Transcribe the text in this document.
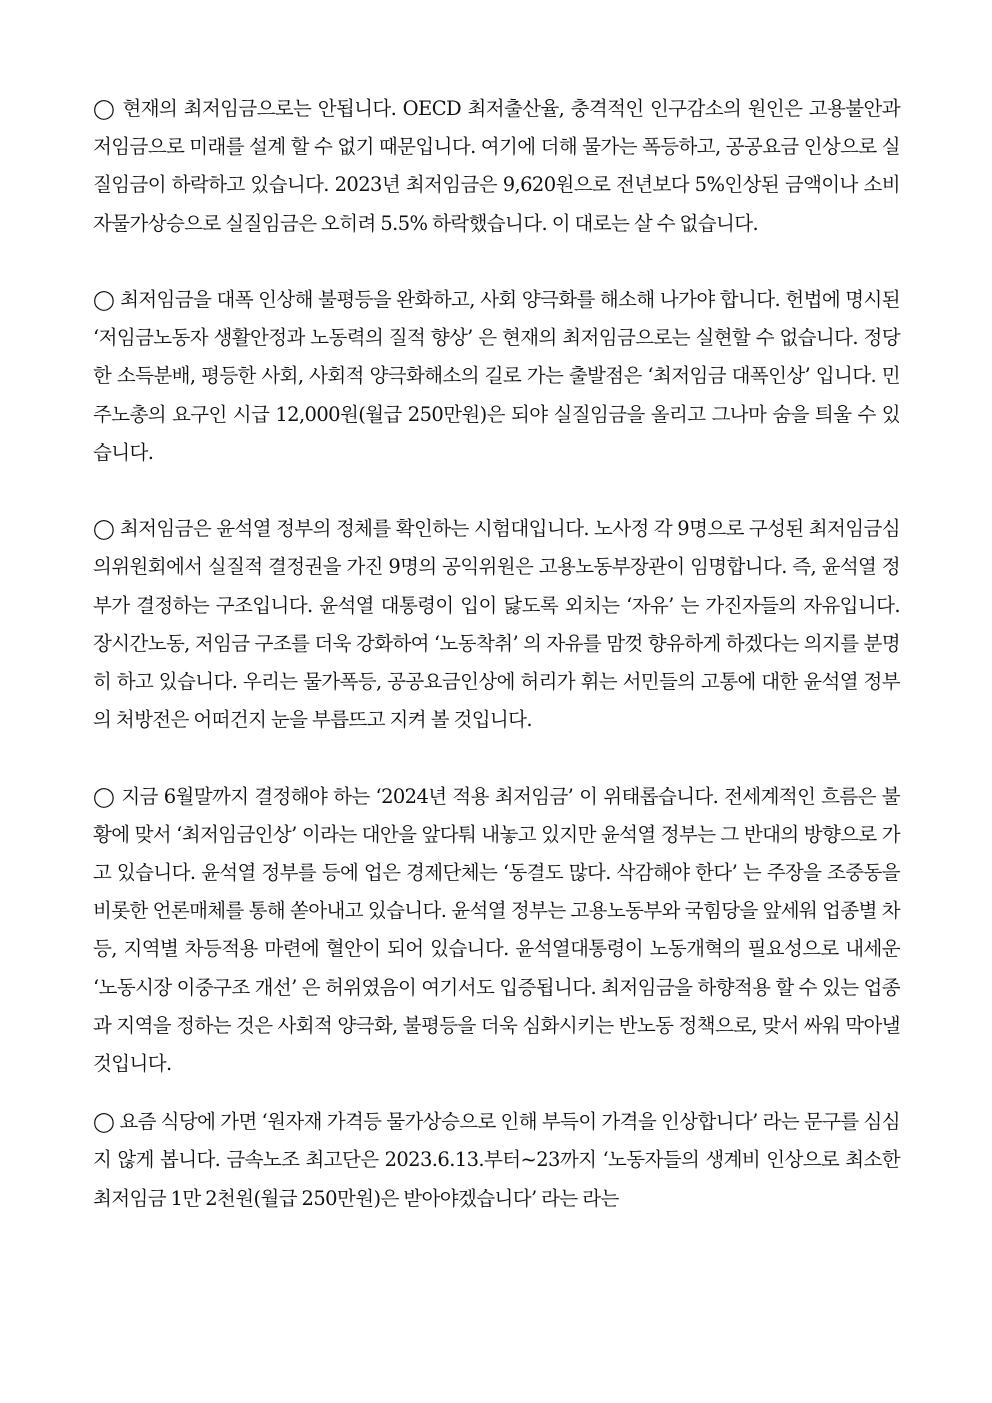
◯ 현재의 최저임금으로는 안됩니다. OECD 최저출산율, 충격적인 인구감소의 원인은 고용불안과 저임금으로 미래를 설계 할 수 없기 때문입니다. 여기에 더해 물가는 폭등하고, 공공요금 인상으로 실질임금이 하락하고 있습니다. 2023년 최저임금은 9,620원으로 전년보다 5%인상된 금액이나 소비자물가상승으로 실질임금은 오히려 5.5% 하락했습니다. 이 대로는 살 수 없습니다.

◯ 최저임금을 대폭 인상해 불평등을 완화하고, 사회 양극화를 해소해 나가야 합니다. 헌법에 명시된 ‘저임금노동자 생활안정과 노동력의 질적 향상’ 은 현재의 최저임금으로는 실현할 수 없습니다. 정당한 소득분배, 평등한 사회, 사회적 양극화해소의 길로 가는 출발점은 ‘최저임금 대폭인상’ 입니다. 민주노총의 요구인 시급 12,000원(월급 250만원)은 되야 실질임금을 올리고 그나마 숨을 틔울 수 있습니다.

◯ 최저임금은 윤석열 정부의 정체를 확인하는 시험대입니다. 노사정 각 9명으로 구성된 최저임금심의위원회에서 실질적 결정권을 가진 9명의 공익위원은 고용노동부장관이 임명합니다. 즉, 윤석열 정부가 결정하는 구조입니다. 윤석열 대통령이 입이 닳도록 외치는 ‘자유’ 는 가진자들의 자유입니다. 장시간노동, 저임금 구조를 더욱 강화하여 ‘노동착취’ 의 자유를 맘껏 향유하게 하겠다는 의지를 분명히 하고 있습니다. 우리는 물가폭등, 공공요금인상에 허리가 휘는 서민들의 고통에 대한 윤석열 정부의 처방전은 어떠건지 눈을 부릅뜨고 지켜 볼 것입니다.

◯ 지금 6월말까지 결정해야 하는 ‘2024년 적용 최저임금’ 이 위태롭습니다. 전세계적인 흐름은 불황에 맞서 ‘최저임금인상’ 이라는 대안을 앞다퉈 내놓고 있지만 윤석열 정부는 그 반대의 방향으로 가고 있습니다. 윤석열 정부를 등에 업은 경제단체는 ‘동결도 많다. 삭감해야 한다’ 는 주장을 조중동을 비롯한 언론매체를 통해 쏟아내고 있습니다. 윤석열 정부는 고용노동부와 국힘당을 앞세워 업종별 차등, 지역별 차등적용 마련에 혈안이 되어 있습니다. 윤석열대통령이 노동개혁의 필요성으로 내세운 ‘노동시장 이중구조 개선’ 은 허위였음이 여기서도 입증됩니다. 최저임금을 하향적용 할 수 있는 업종과 지역을 정하는 것은 사회적 양극화, 불평등을 더욱 심화시키는 반노동 정책으로, 맞서 싸워 막아낼 것입니다.

◯ 요즘 식당에 가면 ‘원자재 가격등 물가상승으로 인해 부득이 가격을 인상합니다’ 라는 문구를 심심지 않게 봅니다. 금속노조 최고단은 2023.6.13.부터~23까지 ‘노동자들의 생계비 인상으로 최소한 최저임금 1만 2천원(월급 250만원)은 받아야겠습니다’ 라는 라는
